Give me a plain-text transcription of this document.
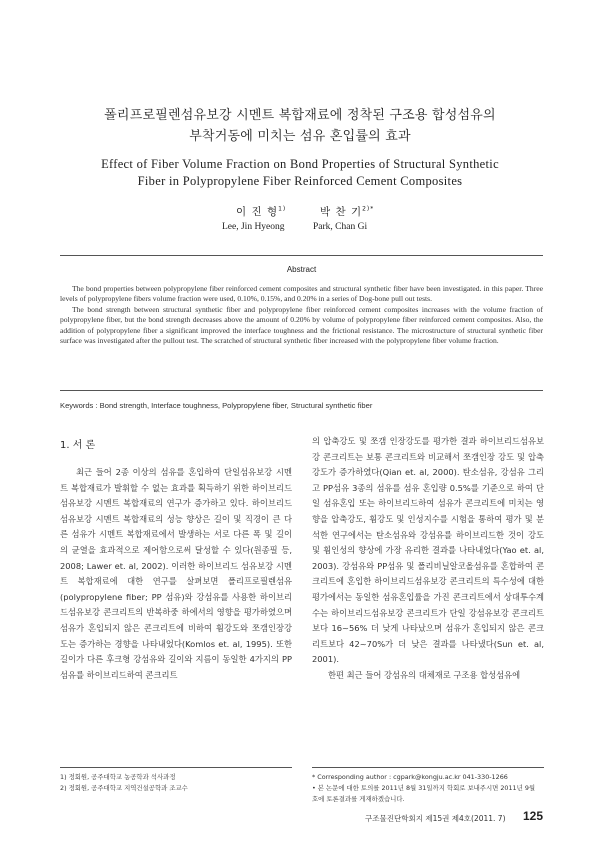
폴리프로필렌섬유보강 시멘트 복합재료에 정착된 구조용 합성섬유의
부착거동에 미치는 섬유 혼입률의 효과
Effect of Fiber Volume Fraction on Bond Properties of Structural Synthetic
Fiber in Polypropylene Fiber Reinforced Cement Composites
이 진 형$^{1)}$	박 찬 기$^{2)*}$
Lee, Jin Hyeong	Park, Chan Gi
Abstract

The bond properties between polypropylene fiber reinforced cement composites and structural synthetic fiber have been investigated. in this paper. Three levels of polypropylene fibers volume fraction were used, 0.10%, 0.15%, and 0.20% in a series of Dog-bone pull out tests.

The bond strength between structural synthetic fiber and polypropylene fiber reinforced cement composites increases with the volume fraction of polypropylene fiber, but the bond strength decreases above the amount of 0.20% by volume of polypropylene fiber reinforced cement composites. Also, the addition of polypropylene fiber a significant improved the interface toughness and the frictional resistance. The microstructure of structural synthetic fiber surface was investigated after the pullout test. The scratched of structural synthetic fiber increased with the polypropylene fiber volume fraction.

Keywords : Bond strength, Interface toughness, Polypropylene fiber, Structural synthetic fiber
1. 서 론

최근 들어 2종 이상의 섬유를 혼입하여 단일섬유보강 시멘트 복합재료가 발휘할 수 없는 효과를 획득하기 위한 하이브리드섬유보강 시멘트 복합재료의 연구가 증가하고 있다. 하이브리드섬유보강 시멘트 복합재료의 성능 향상은 길이 및 직경이 큰 다른 섬유가 시멘트 복합재료에서 발생하는 서로 다른 폭 및 길이의 균열을 효과적으로 제어함으로써 달성할 수 있다(원종필 등, 2008; Lawer et. al, 2002). 이러한 하이브리드 섬유보강 시멘트 복합재료에 대한 연구를 살펴보면 폴리프로필렌섬유(polypropylene fiber; PP 섬유)와 강섬유를 사용한 하이브리드섬유보강 콘크리트의 반복하중 하에서의 영향을 평가하였으며 섬유가 혼입되지 않은 콘크리트에 비하여 휨강도와 쪼갬인장강도는 증가하는 경향을 나타내었다(Komlos et. al, 1995). 또한 길이가 다른 후크형 강섬유와 길이와 지름이 동일한 4가지의 PP섬유를 하이브리드하여 콘크리트

의 압축강도 및 쪼갬 인장강도를 평가한 결과 하이브리드섬유보강 콘크리트는 보통 콘크리트와 비교해서 쪼갬인장 강도 및 압축강도가 증가하였다(Qian et. al, 2000). 탄소섬유, 강섬유 그리고 PP섬유 3종의 섬유를 섬유 혼입량 0.5%를 기준으로 하여 단일 섬유혼입 또는 하이브리드하여 섬유가 콘크리트에 미치는 영향을 압축강도, 휨강도 및 인성지수를 시험을 통하여 평가 및 분석한 연구에서는 탄소섬유와 강섬유를 하이브리드한 것이 강도 및 휨인성의 향상에 가장 유리한 결과를 나타내었다(Yao et. al, 2003). 강섬유와 PP섬유 및 폴리비닐알코올섬유를 혼합하여 콘크리트에 혼입한 하이브리드섬유보강 콘크리트의 특수성에 대한 평가에서는 동일한 섬유혼입률을 가진 콘크리트에서 상대투수계수는 하이브리드섬유보강 콘크리트가 단일 강섬유보강 콘크리트보다 16~56% 더 낮게 나타났으며 섬유가 혼입되지 않은 콘크리트보다 42~70%가 더 낮은 결과를 나타냈다(Sun et. al, 2001).

한편 최근 들어 강섬유의 대체재로 구조용 합성섬유에

1) 정회원, 공주대학교 농공학과 석사과정
2) 정회원, 공주대학교 지역건설공학과 조교수
* Corresponding author : cgpark@kongju.ac.kr 041-330-1266
• 본 논문에 대한 토의를 2011년 8월 31일까지 학회로 보내주시면 2011년 9월
호에 토론결과를 게재하겠습니다.
구조물진단학회지 제15권 제4호(2011. 7) 125
